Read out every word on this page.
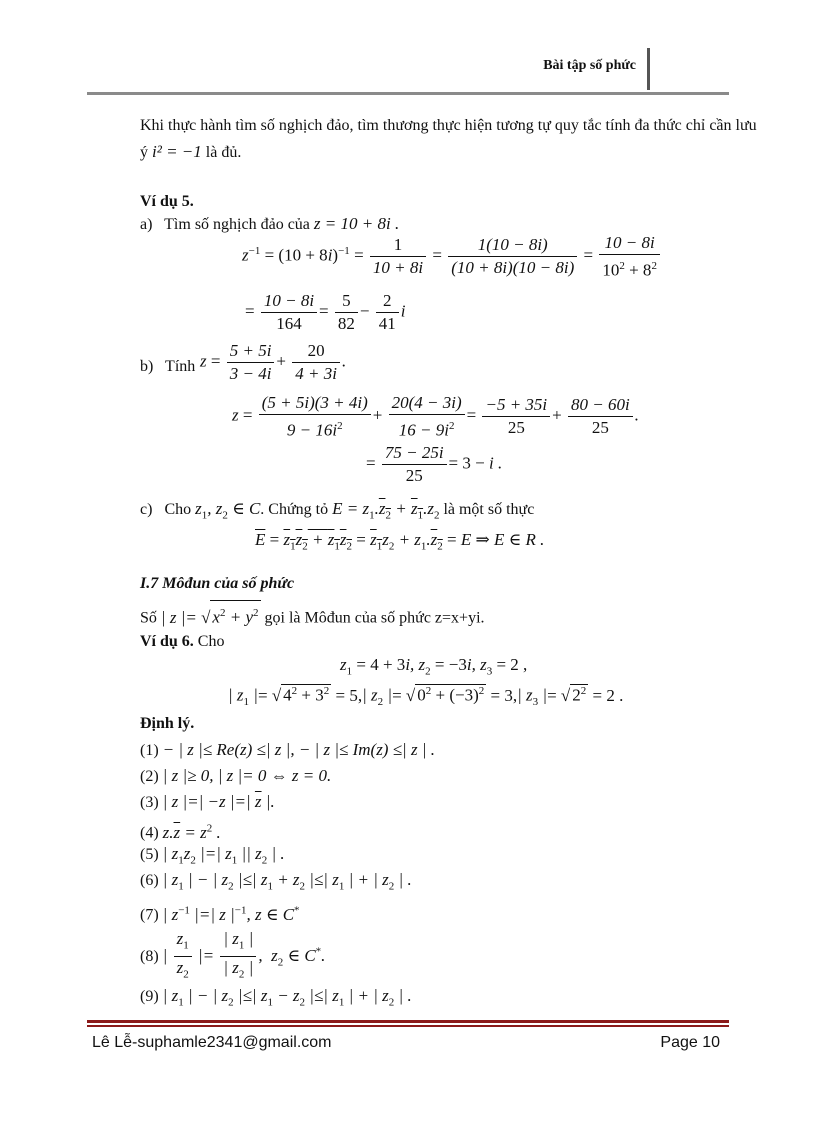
Bài tập số phức
Khi thực hành tìm số nghịch đảo, tìm thương thực hiện tương tự quy tắc tính đa thức chỉ cần lưu
ý i² = −1 là đủ.
Ví dụ 5.
a) Tìm số nghịch đảo của z = 10 + 8i .
$z^{-1} = (10 + 8i)^{-1} = \frac{1}{10 + 8i} = \frac{1(10 - 8i)}{(10 + 8i)(10 - 8i)} = \frac{10 - 8i}{10^2 + 8^2}$
= $\frac{10 - 8i}{164} = \frac{5}{82} - \frac{2}{41}$ i
b) Tính $z = \frac{5 + 5i}{3 - 4i} + \frac{20}{4 + 3i}$ .
$z = \frac{(5 + 5i)(3 + 4i)}{9 - 16i^2} + \frac{20(4 - 3i)}{16 - 9i^2} = \frac{-5 + 35i}{25} + \frac{80 - 60i}{25}$ .
= $\frac{75 - 25i}{25} = 3 - i$ .
c) Cho $z_1$, $z_2$ ∈ C. Chứng tỏ $E = z_1.z_2 + z_1.z_2$ là một số thực
$\overline{E} = z_1z_2 + z_1z_2 = z_1z_2 + z_1.z_2 = E$ ⇒ E ∈ R .
I.7 Môđun của số phức
Số | z |= √ $x^2 + y^2$ gọi là Môđun của số phức z=x+yi.
Ví dụ 6. Cho
$z_1 = 4 + 3i$, $z_2 = -3i$, $z_3 = 2$ ,
| $z_1$ |= √ $4^2 + 3^2 = 5,|$ $z_2$ |= √ $0^2 + (-3)^2 = 3,|$ $z_3$ |= √ $2^2 = 2$ .
Định lý.
(1) − | z |≤ Re(z) ≤| z |, − | z |≤ Im(z) ≤| z | .
(2) | z |≥ 0, | z |= 0 ⇔ z = 0.
(3) | z |=| −z |=| $\overline{z}$ |.
(4) $z.\overline{z} = z^2$ .
(5) | $z_1z_2$ |=| $z_1$ || $z_2$ | .
(6) | $z_1$ | − | $z_2$ |≤| $z_1 + z_2$ |≤| $z_1$ | + | $z_2$ | .
(7) | $z^{-1}$ |=| z $|^{-1}$, z ∈ C*
(8) | $\frac{z_1}{z_2}$ |= $\frac{| z_1 |}{| z_2 |}$ ,  $z_2$ ∈ C*.
(9) | $z_1$ | − | $z_2$ |≤| $z_1 - z_2$ |≤| $z_1$ | + | $z_2$ | .
Lê Lễ-suphamle2341@gmail.com	Page 10
